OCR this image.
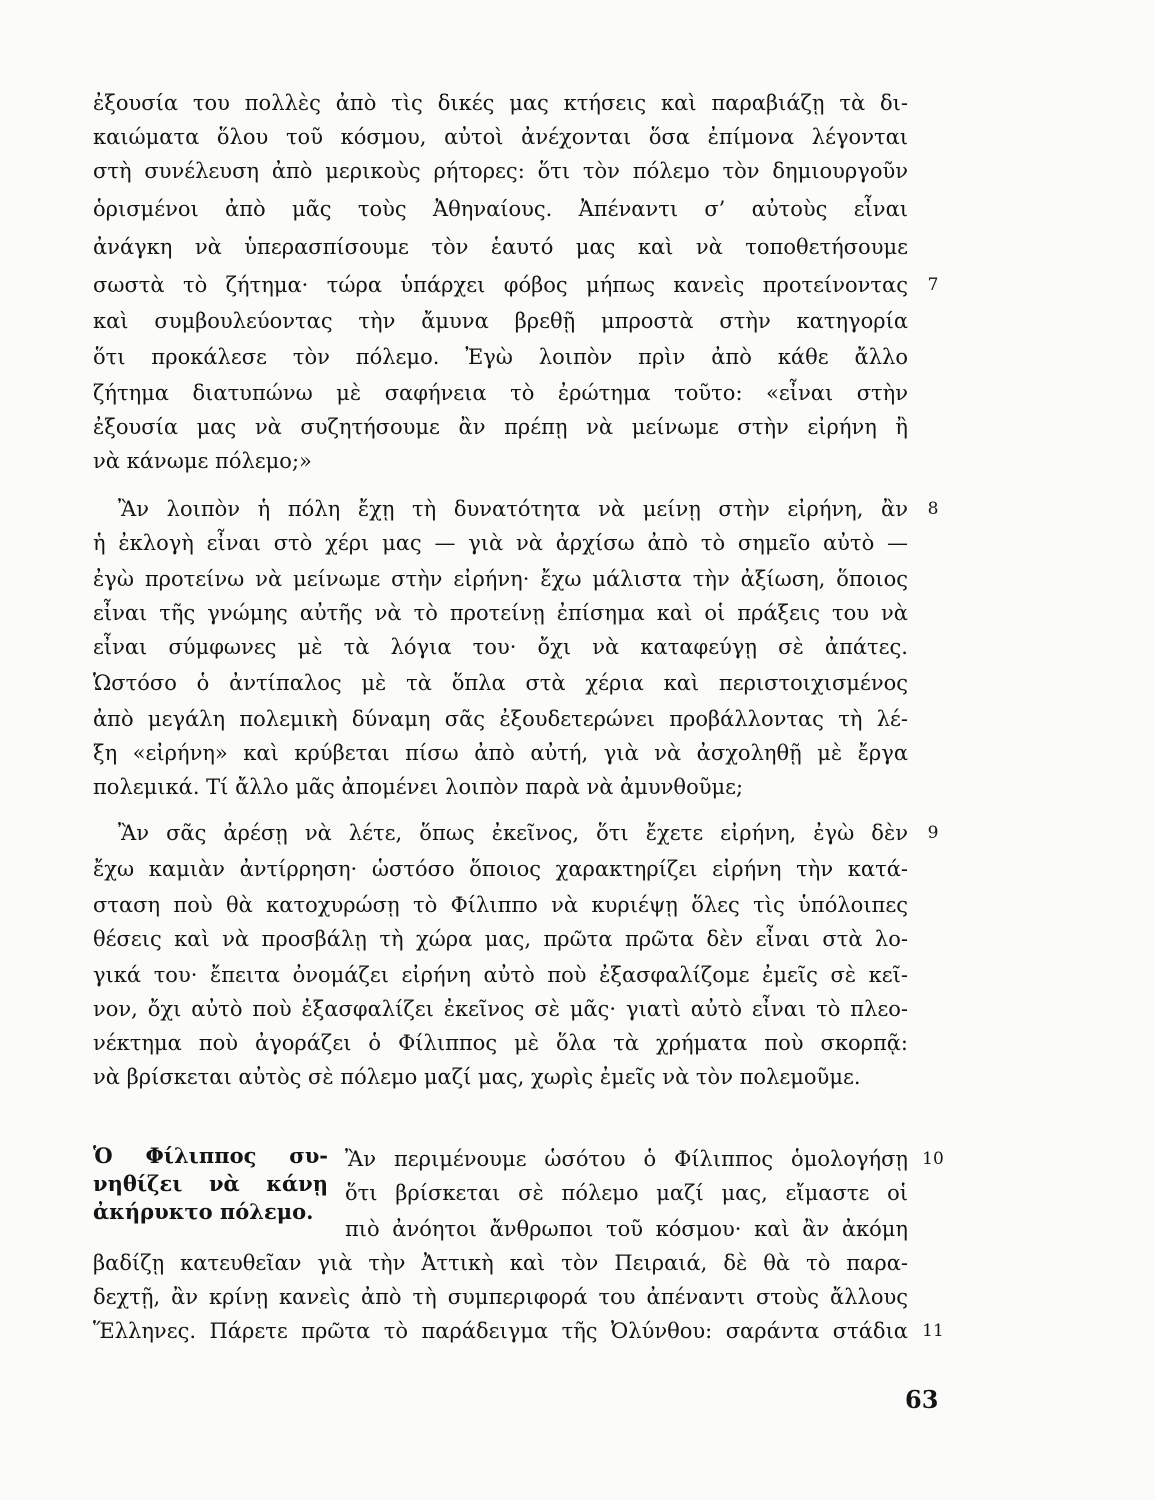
ἐξουσία του πολλὲς ἀπὸ τὶς δικές μας κτήσεις καὶ παραβιάζῃ τὰ δι-
καιώματα ὅλου τοῦ κόσμου, αὐτοὶ ἀνέχονται ὅσα ἐπίμονα λέγονται
στὴ συνέλευση ἀπὸ μερικοὺς ρήτορες: ὅτι τὸν πόλεμο τὸν δημιουργοῦν
ὁρισμένοι ἀπὸ μᾶς τοὺς Ἀθηναίους. Ἀπέναντι σ’ αὐτοὺς εἶναι
ἀνάγκη νὰ ὑπερασπίσουμε τὸν ἑαυτό μας καὶ νὰ τοποθετήσουμε
σωστὰ τὸ ζήτημα· τώρα ὑπάρχει φόβος μήπως κανεὶς προτείνοντας
καὶ συμβουλεύοντας τὴν ἄμυνα βρεθῇ μπροστὰ στὴν κατηγορία
ὅτι προκάλεσε τὸν πόλεμο. Ἐγὼ λοιπὸν πρὶν ἀπὸ κάθε ἄλλο
ζήτημα διατυπώνω μὲ σαφήνεια τὸ ἐρώτημα τοῦτο: «εἶναι στὴν
ἐξουσία μας νὰ συζητήσουμε ἂν πρέπῃ νὰ μείνωμε στὴν εἰρήνη ἢ
νὰ κάνωμε πόλεμο;»
Ἂν λοιπὸν ἡ πόλη ἔχῃ τὴ δυνατότητα νὰ μείνῃ στὴν εἰρήνη, ἂν
ἡ ἐκλογὴ εἶναι στὸ χέρι μας — γιὰ νὰ ἀρχίσω ἀπὸ τὸ σημεῖο αὐτὸ —
ἐγὼ προτείνω νὰ μείνωμε στὴν εἰρήνη· ἔχω μάλιστα τὴν ἀξίωση, ὅποιος
εἶναι τῆς γνώμης αὐτῆς νὰ τὸ προτείνῃ ἐπίσημα καὶ οἱ πράξεις του νὰ
εἶναι σύμφωνες μὲ τὰ λόγια του· ὄχι νὰ καταφεύγῃ σὲ ἀπάτες.
Ὡστόσο ὁ ἀντίπαλος μὲ τὰ ὅπλα στὰ χέρια καὶ περιστοιχισμένος
ἀπὸ μεγάλη πολεμικὴ δύναμη σᾶς ἐξουδετερώνει προβάλλοντας τὴ λέ-
ξη «εἰρήνη» καὶ κρύβεται πίσω ἀπὸ αὐτή, γιὰ νὰ ἀσχοληθῇ μὲ ἔργα
πολεμικά. Τί ἄλλο μᾶς ἀπομένει λοιπὸν παρὰ νὰ ἀμυνθοῦμε;
Ἂν σᾶς ἀρέσῃ νὰ λέτε, ὅπως ἐκεῖνος, ὅτι ἔχετε εἰρήνη, ἐγὼ δὲν
ἔχω καμιὰν ἀντίρρηση· ὡστόσο ὅποιος χαρακτηρίζει εἰρήνη τὴν κατά-
σταση ποὺ θὰ κατοχυρώσῃ τὸ Φίλιππο νὰ κυριέψῃ ὅλες τὶς ὑπόλοιπες
θέσεις καὶ νὰ προσβάλῃ τὴ χώρα μας, πρῶτα πρῶτα δὲν εἶναι στὰ λο-
γικά του· ἔπειτα ὀνομάζει εἰρήνη αὐτὸ ποὺ ἐξασφαλίζομε ἐμεῖς σὲ κεῖ-
νον, ὄχι αὐτὸ ποὺ ἐξασφαλίζει ἐκεῖνος σὲ μᾶς· γιατὶ αὐτὸ εἶναι τὸ πλεο-
νέκτημα ποὺ ἀγοράζει ὁ Φίλιππος μὲ ὅλα τὰ χρήματα ποὺ σκορπᾷ:
νὰ βρίσκεται αὐτὸς σὲ πόλεμο μαζί μας, χωρὶς ἐμεῖς νὰ τὸν πολεμοῦμε.
Ὁ Φίλιππος συ-
νηθίζει νὰ κάνῃ
ἀκήρυκτο πόλεμο.
Ἂν περιμένουμε ὡσότου ὁ Φίλιππος ὁμολογήσῃ
ὅτι βρίσκεται σὲ πόλεμο μαζί μας, εἴμαστε οἱ
πιὸ ἀνόητοι ἄνθρωποι τοῦ κόσμου· καὶ ἂν ἀκόμη
βαδίζῃ κατευθεῖαν γιὰ τὴν Ἀττικὴ καὶ τὸν Πειραιά, δὲ θὰ τὸ παρα-
δεχτῇ, ἂν κρίνῃ κανεὶς ἀπὸ τὴ συμπεριφορά του ἀπέναντι στοὺς ἄλλους
Ἕλληνες. Πάρετε πρῶτα τὸ παράδειγμα τῆς Ὀλύνθου: σαράντα στάδια
7
8
9
10
11
63
